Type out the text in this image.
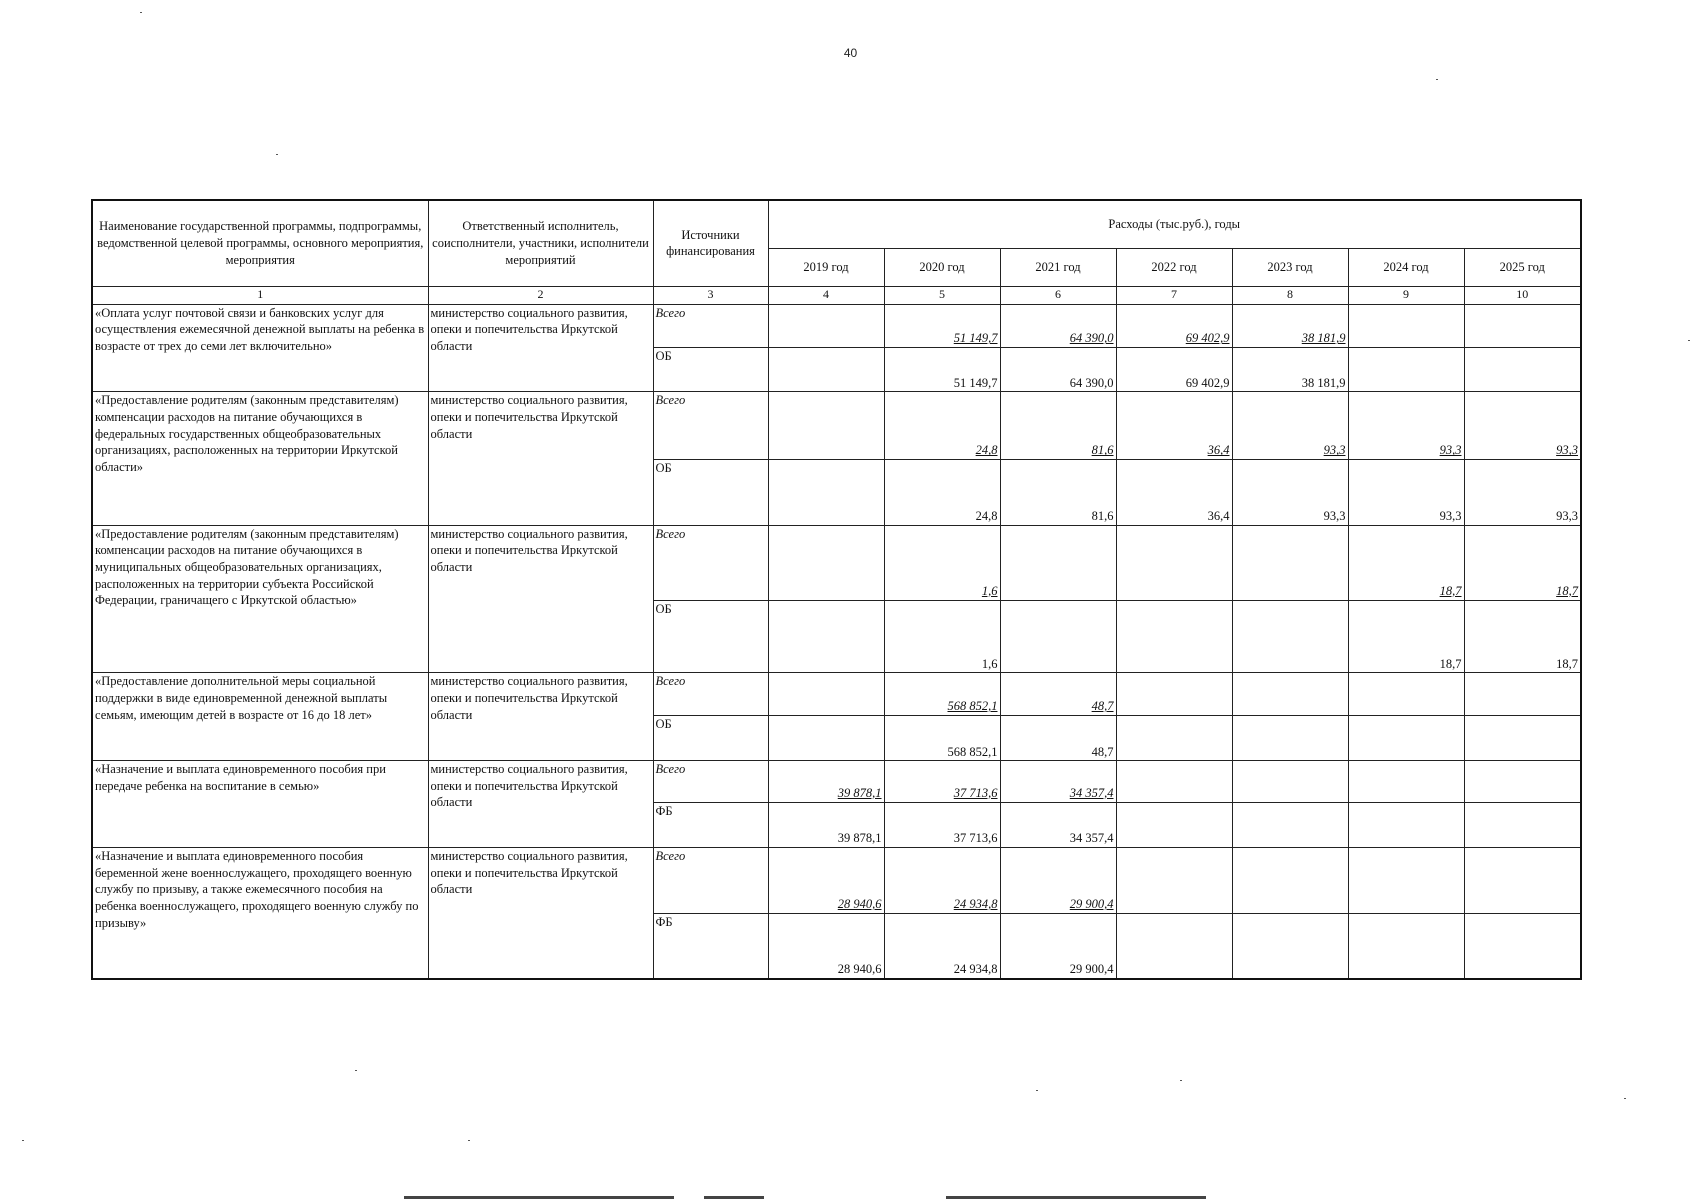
40
Наименование государственной программы, подпрограммы, ведомственной целевой программы, основного мероприятия, мероприятия	Ответственный исполнитель, соисполнители, участники, исполнители мероприятий	Источники финансирования	Расходы (тыс.руб.), годы						
			2019 год	2020 год	2021 год	2022 год	2023 год	2024 год	2025 год
1	2	3	4	5	6	7	8	9	10
«Оплата услуг почтовой связи и банковских услуг для осуществления ежемесячной денежной выплаты на ребенка в возрасте от трех до семи лет включительно»	министерство социального развития, опеки и попечительства Иркутской области	Всего		51 149,7	64 390,0	69 402,9	38 181,9		
		ОБ		51 149,7	64 390,0	69 402,9	38 181,9		
«Предоставление родителям (законным представителям) компенсации расходов на питание обучающихся в федеральных государственных общеобразовательных организациях, расположенных на территории Иркутской области»	министерство социального развития, опеки и попечительства Иркутской области	Всего		24,8	81,6	36,4	93,3	93,3	93,3
		ОБ		24,8	81,6	36,4	93,3	93,3	93,3
«Предоставление родителям (законным представителям) компенсации расходов на питание обучающихся в муниципальных общеобразовательных организациях, расположенных на территории субъекта Российской Федерации, граничащего с Иркутской областью»	министерство социального развития, опеки и попечительства Иркутской области	Всего		1,6				18,7	18,7
		ОБ		1,6				18,7	18,7
«Предоставление дополнительной меры социальной поддержки в виде единовременной денежной выплаты семьям, имеющим детей в возрасте от 16 до 18 лет»	министерство социального развития, опеки и попечительства Иркутской области	Всего		568 852,1	48,7				
		ОБ		568 852,1	48,7				
«Назначение и выплата единовременного пособия при передаче ребенка на воспитание в семью»	министерство социального развития, опеки и попечительства Иркутской области	Всего	39 878,1	37 713,6	34 357,4				
		ФБ	39 878,1	37 713,6	34 357,4				
«Назначение и выплата единовременного пособия беременной жене военнослужащего, проходящего военную службу по призыву, а также ежемесячного пособия на ребенка военнослужащего, проходящего военную службу по призыву»	министерство социального развития, опеки и попечительства Иркутской области	Всего	28 940,6	24 934,8	29 900,4				
		ФБ	28 940,6	24 934,8	29 900,4				
